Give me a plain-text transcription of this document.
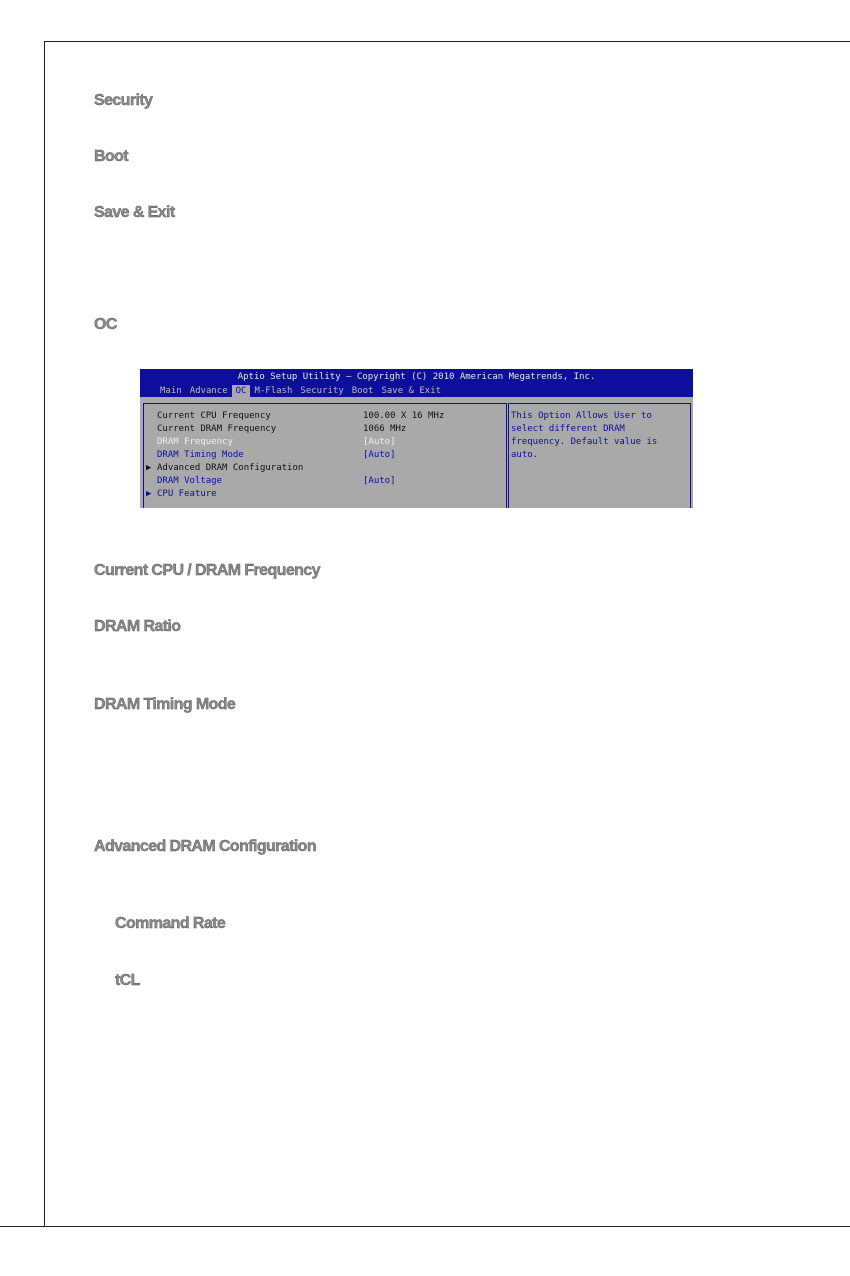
Security
Boot
Save & Exit
OC
Aptio Setup Utility – Copyright (C) 2010 American Megatrends, Inc.
Main Advance OC M-Flash Security Boot Save & Exit
Current CPU Frequency	100.00 X 16 MHz
Current DRAM Frequency	1066 MHz
DRAM Frequency	[Auto]
DRAM Timing Mode	[Auto]
▶ Advanced DRAM Configuration
DRAM Voltage	[Auto]
▶ CPU Feature
This Option Allows User to
select different DRAM
frequency. Default value is
auto.
Current CPU / DRAM Frequency
DRAM Ratio
DRAM Timing Mode
Advanced DRAM Configuration
Command Rate
tCL
